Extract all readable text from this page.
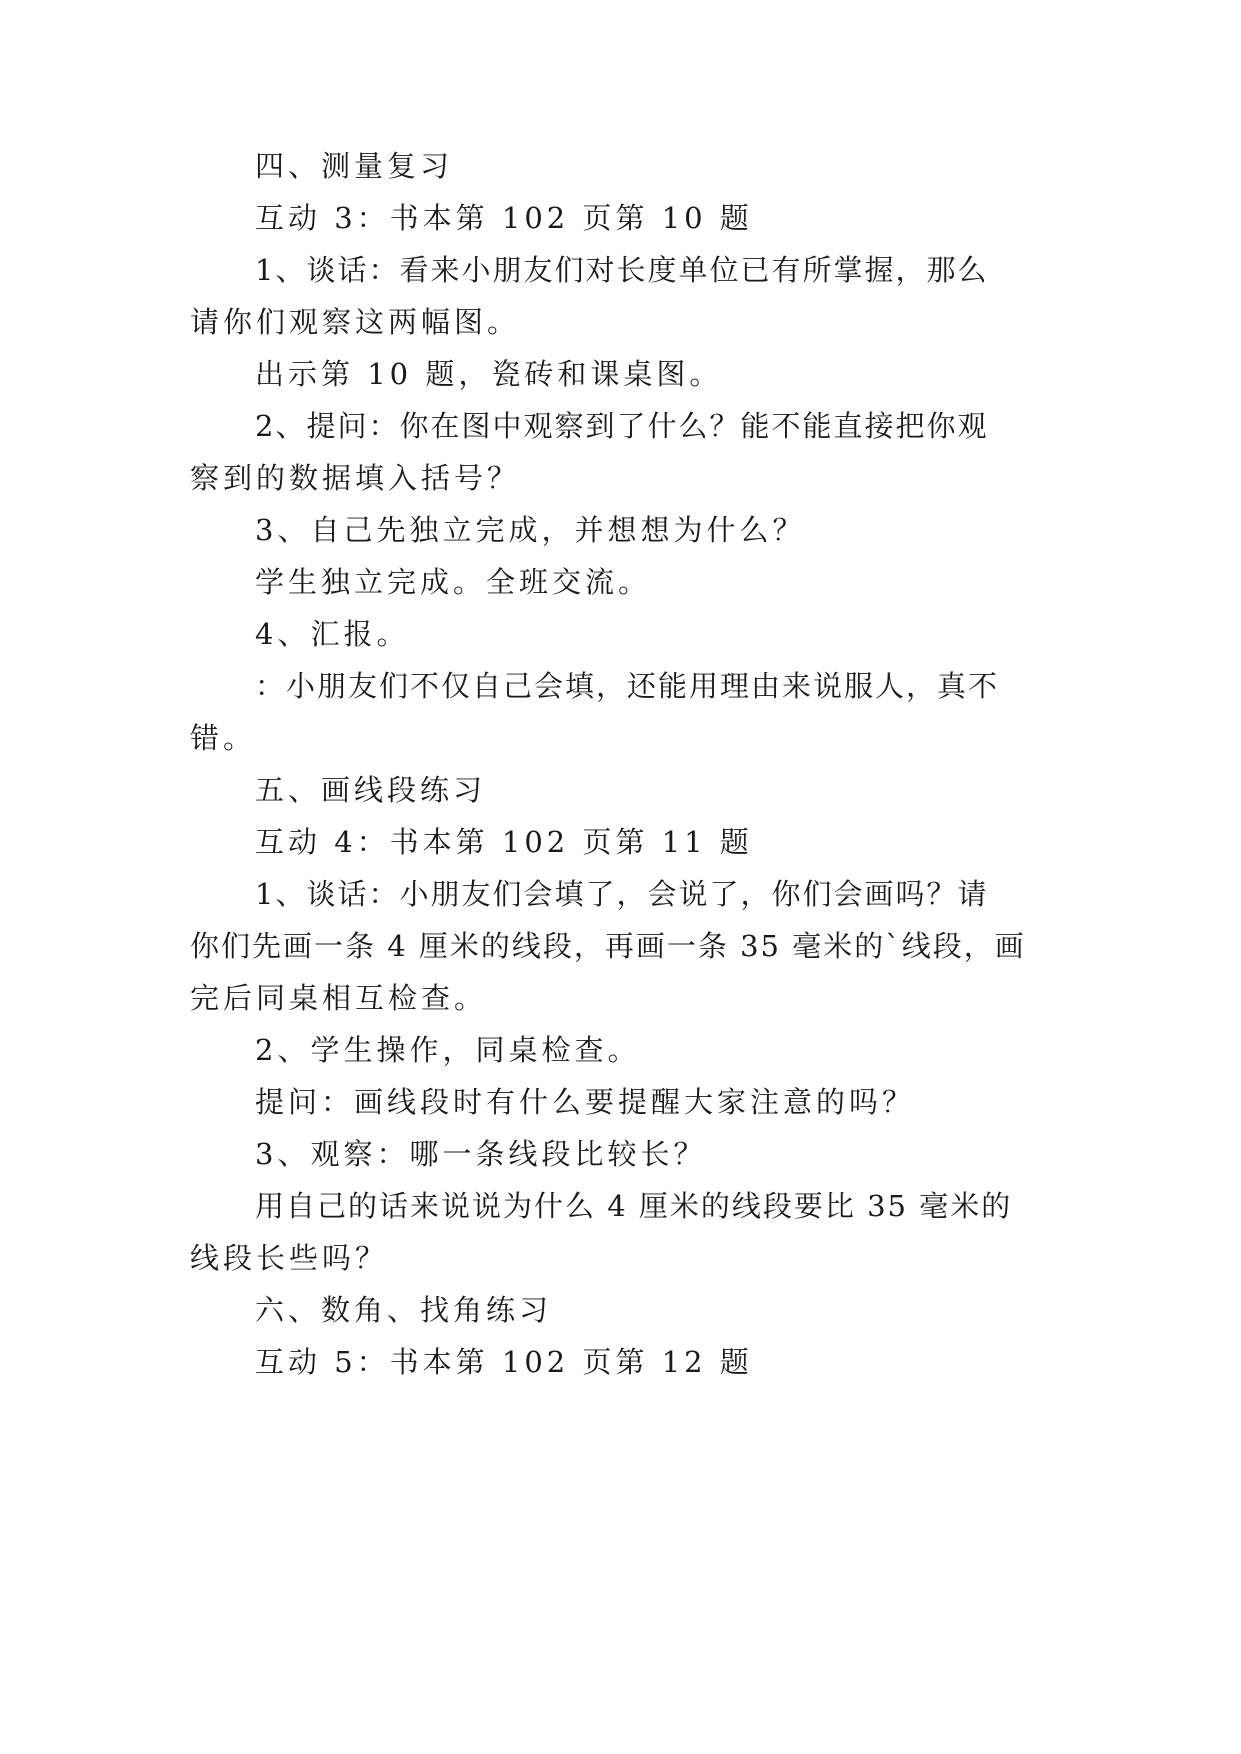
四、测量复习
互动 3：书本第 102 页第 10 题
1、谈话：看来小朋友们对长度单位已有所掌握，那么
请你们观察这两幅图。
出示第 10 题，瓷砖和课桌图。
2、提问：你在图中观察到了什么？能不能直接把你观
察到的数据填入括号？
3、自己先独立完成，并想想为什么？
学生独立完成。全班交流。
4、汇报。
：小朋友们不仅自己会填，还能用理由来说服人，真不
错。
五、画线段练习
互动 4：书本第 102 页第 11 题
1、谈话：小朋友们会填了，会说了，你们会画吗？请
你们先画一条 4 厘米的线段，再画一条 35 毫米的`线段，画
完后同桌相互检查。
2、学生操作，同桌检查。
提问：画线段时有什么要提醒大家注意的吗？
3、观察：哪一条线段比较长？
用自己的话来说说为什么 4 厘米的线段要比 35 毫米的
线段长些吗？
六、数角、找角练习
互动 5：书本第 102 页第 12 题
